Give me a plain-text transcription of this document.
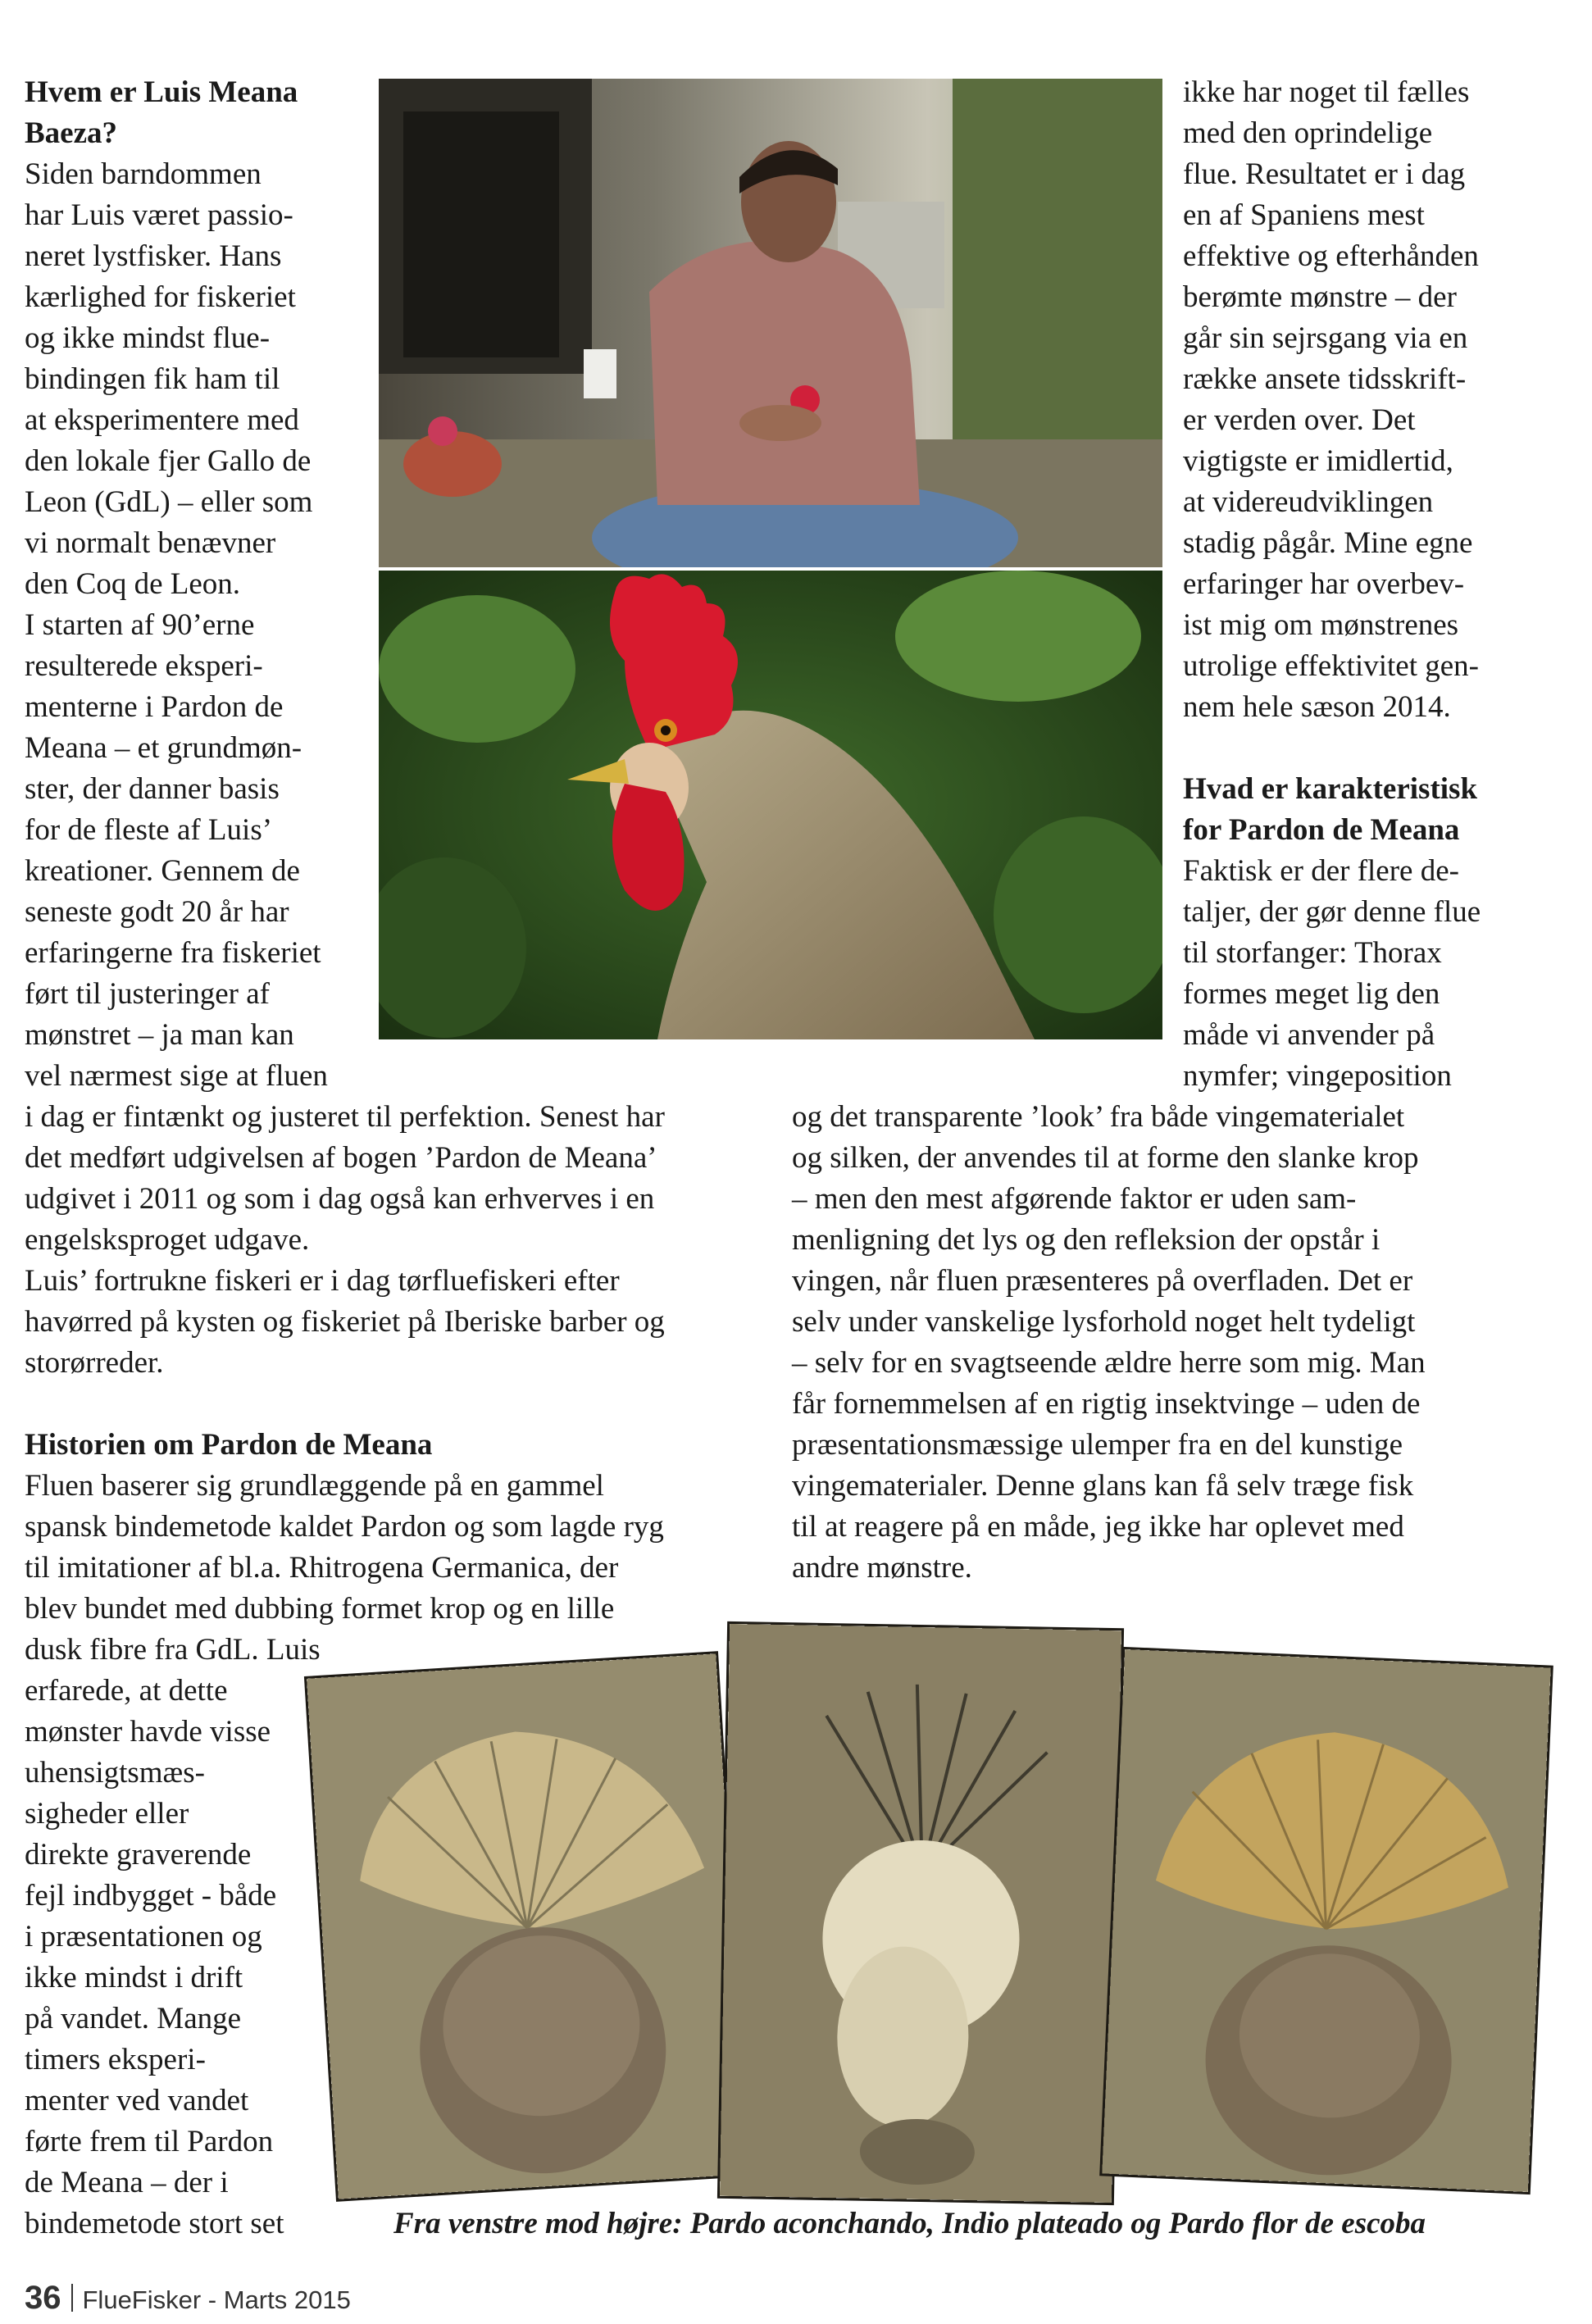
Hvem er Luis Meana Baeza?

Siden barndommen

har Luis været passio-

neret lystfisker. Hans

kærlighed for fiskeriet

og ikke mindst flue-

bindingen fik ham til

at eksperimentere med

den lokale fjer Gallo de

Leon (GdL) – eller som

vi normalt benævner

den Coq de Leon.

I starten af 90’erne

resulterede eksperi-

menterne i Pardon de

Meana – et grundmøn-

ster, der danner basis

for de fleste af Luis’

kreationer. Gennem de

seneste godt 20 år har

erfaringerne fra fiskeriet

ført til justeringer af

mønstret – ja man kan

vel nærmest sige at fluen

i dag er fintænkt og justeret til perfektion. Senest har

det medført udgivelsen af bogen ’Pardon de Meana’

udgivet i 2011 og som i dag også kan erhverves i en

engelsksproget udgave.

Luis’ fortrukne fiskeri er i dag tørfluefiskeri efter

havørred på kysten og fiskeriet på Iberiske barber og

storørreder.

Historien om Pardon de Meana

Fluen baserer sig grundlæggende på en gammel

spansk bindemetode kaldet Pardon og som lagde ryg

til imitationer af bl.a. Rhitrogena Germanica, der

blev bundet med dubbing formet krop og en lille

dusk fibre fra GdL. Luis

erfarede, at dette

mønster havde visse

uhensigtsmæs-

sigheder eller

direkte graverende

fejl indbygget - både

i præsentationen og

ikke mindst i drift

på vandet. Mange

timers eksperi-

menter ved vandet

førte frem til Pardon

de Meana – der i

bindemetode stort set

ikke har noget til fælles

med den oprindelige

flue. Resultatet er i dag

en af Spaniens mest

effektive og efterhånden

berømte mønstre – der

går sin sejrsgang via en

række ansete tidsskrift-

er verden over. Det

vigtigste er imidlertid,

at videreudviklingen

stadig pågår. Mine egne

erfaringer har overbev-

ist mig om mønstrenes

utrolige effektivitet gen-

nem hele sæson 2014.

Hvad er karakteristisk

for Pardon de Meana

Faktisk er der flere de-

taljer, der gør denne flue

til storfanger: Thorax

formes meget lig den

måde vi anvender på

nymfer; vingeposition

og det transparente ’look’ fra både vingematerialet

og silken, der anvendes til at forme den slanke krop

– men den mest afgørende faktor er uden sam-

menligning det lys og den refleksion der opstår i

vingen, når fluen præsenteres på overfladen. Det er

selv under vanskelige lysforhold noget helt tydeligt

– selv for en svagtseende ældre herre som mig. Man

får fornemmelsen af en rigtig insektvinge – uden de

præsentationsmæssige ulemper fra en del kunstige

vingematerialer. Denne glans kan få selv træge fisk

til at reagere på en måde, jeg ikke har oplevet med

andre mønstre.

Fra venstre mod højre: Pardo aconchando, Indio plateado og Pardo flor de escoba
36 FlueFisker - Marts 2015
